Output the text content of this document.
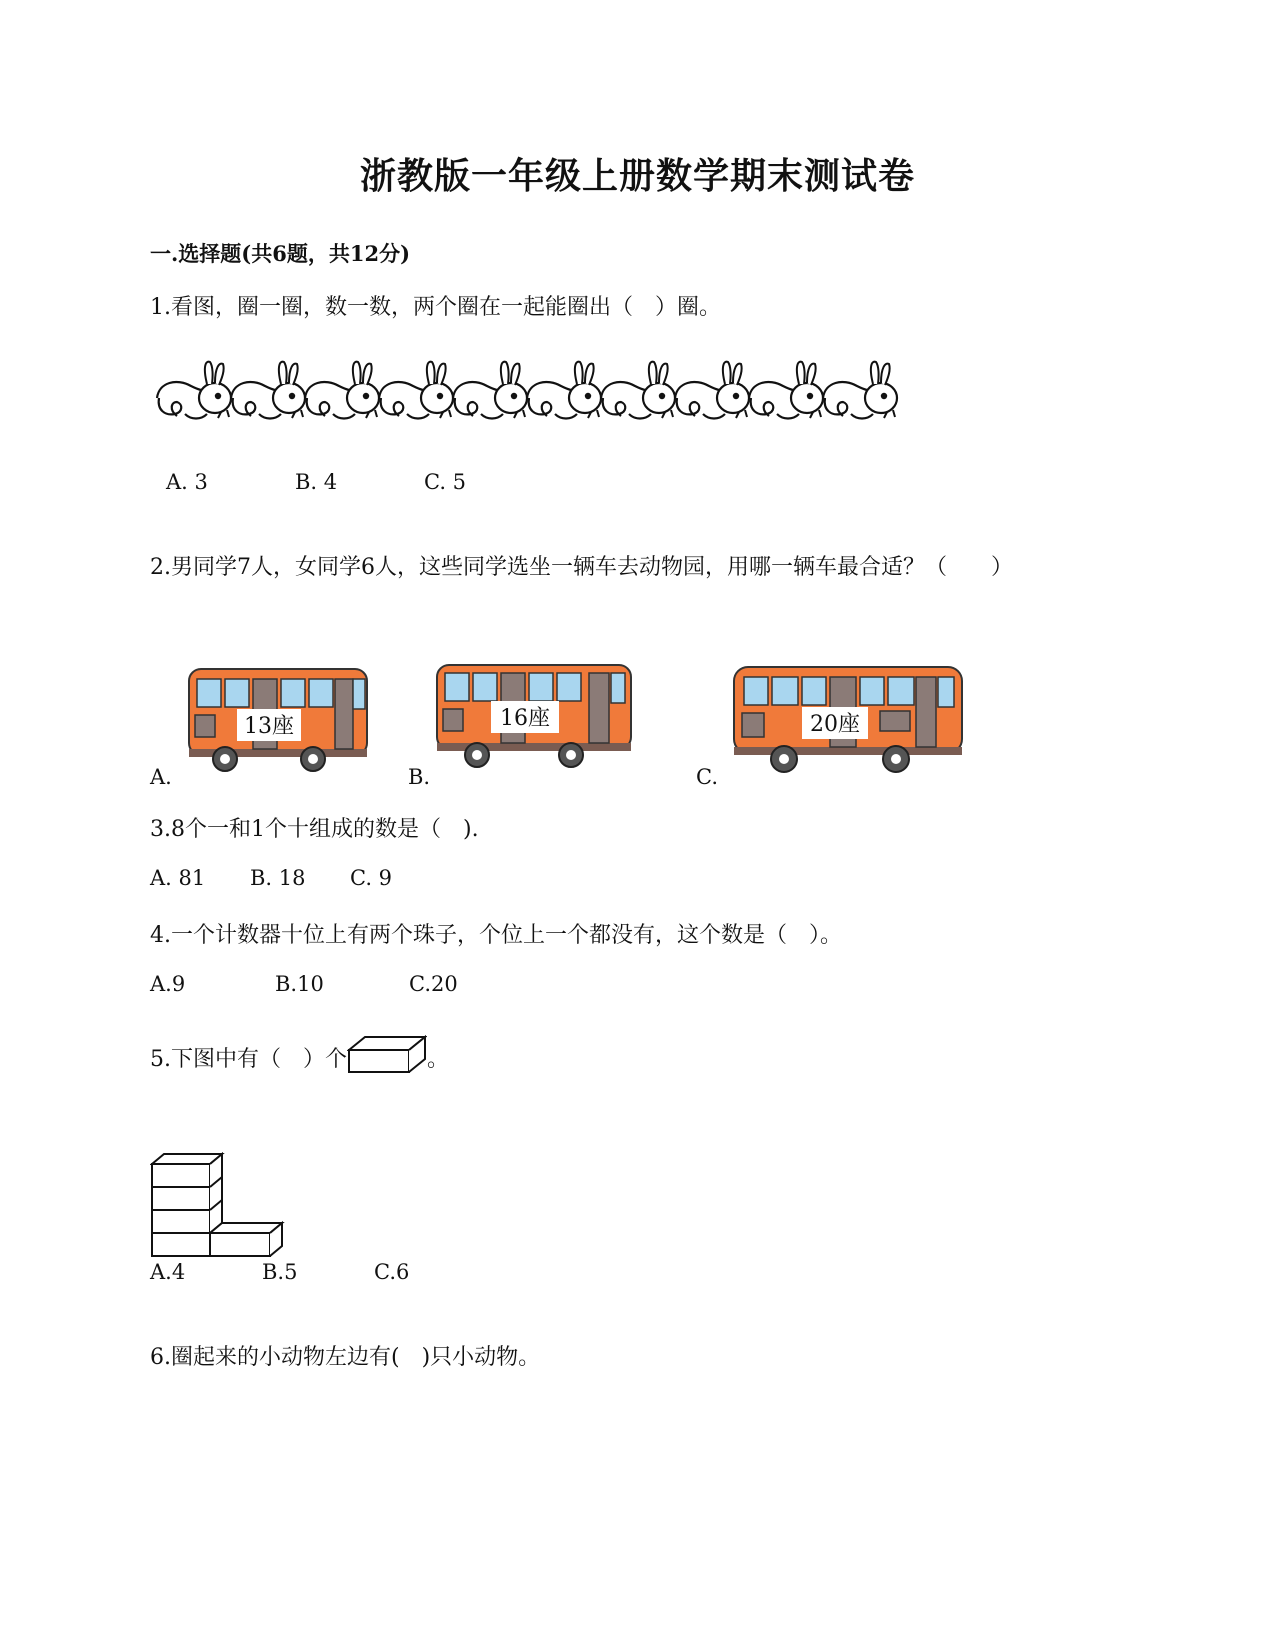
浙教版一年级上册数学期末测试卷
一.选择题(共6题，共12分)
1.看图，圈一圈，数一数，两个圈在一起能圈出（　）圈。
A. 3	B. 4	C. 5
2.男同学7人，女同学6人，这些同学选坐一辆车去动物园，用哪一辆车最合适？（　　）
A.	B.	C.
13座	16座	20座
3.8个一和1个十组成的数是（　).
A. 81 B. 18 C. 9
4.一个计数器十位上有两个珠子，个位上一个都没有，这个数是（　）。
A.9	B.10	C.20
5.下图中有（　）个	。
A.4	B.5	C.6
6.圈起来的小动物左边有(　)只小动物。
